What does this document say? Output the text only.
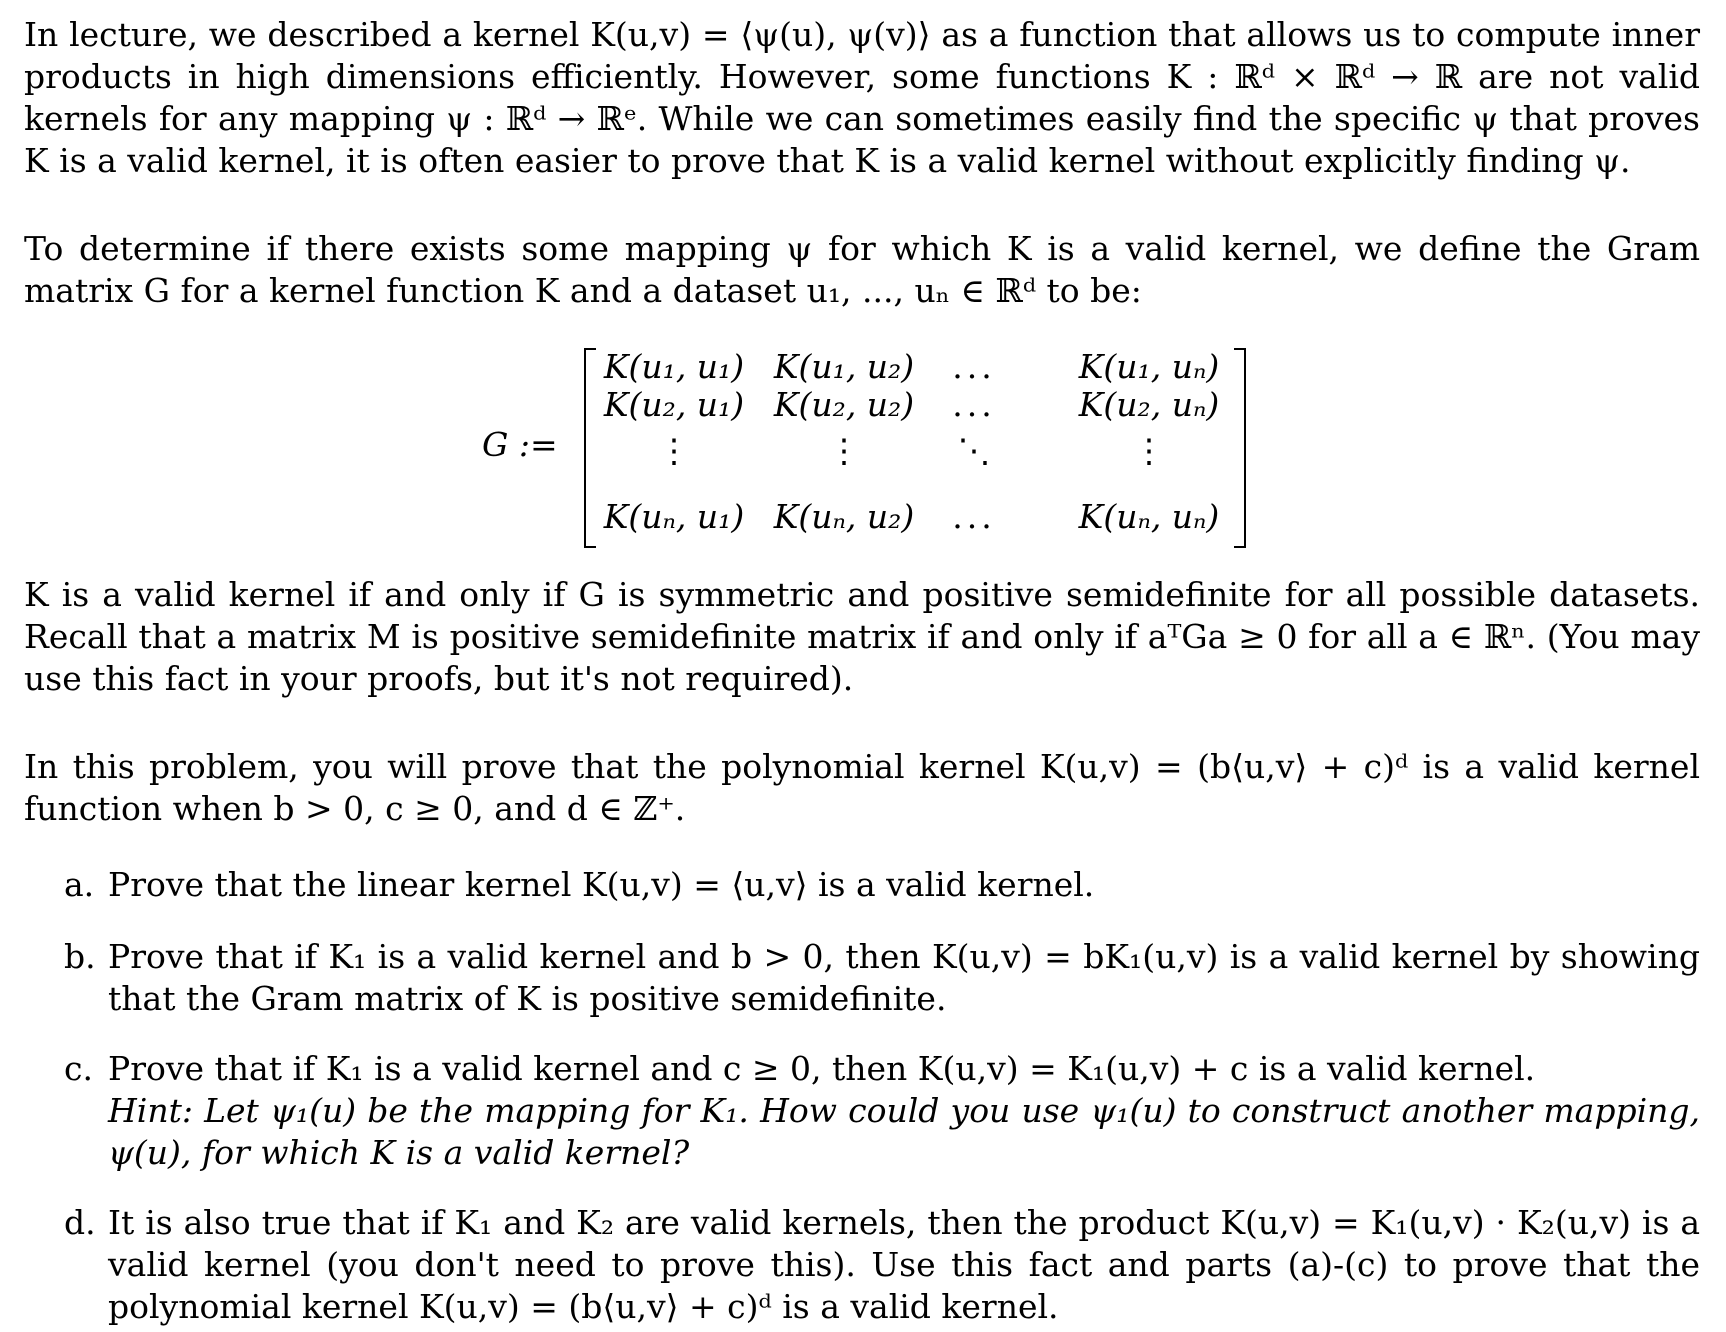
In lecture, we described a kernel K(u,v) = ⟨ψ(u), ψ(v)⟩ as a function that allows us to compute inner products in high dimensions efficiently. However, some functions K : ℝᵈ × ℝᵈ → ℝ are not valid kernels for any mapping ψ : ℝᵈ → ℝᵉ. While we can sometimes easily find the specific ψ that proves K is a valid kernel, it is often easier to prove that K is a valid kernel without explicitly finding ψ.

To determine if there exists some mapping ψ for which K is a valid kernel, we define the Gram matrix G for a kernel function K and a dataset u₁, ..., uₙ ∈ ℝᵈ to be:

G :=
K(u₁, u₁) K(u₁, u₂) ...	K(u₁, uₙ)
K(u₂, u₁) K(u₂, u₂) ...	K(u₂, uₙ)
⋮	⋮	⋱	⋮
K(uₙ, u₁) K(uₙ, u₂) ...	K(uₙ, uₙ)

K is a valid kernel if and only if G is symmetric and positive semidefinite for all possible datasets. Recall that a matrix M is positive semidefinite matrix if and only if aᵀGa ≥ 0 for all a ∈ ℝⁿ. (You may use this fact in your proofs, but it's not required).

In this problem, you will prove that the polynomial kernel K(u,v) = (b⟨u,v⟩ + c)ᵈ is a valid kernel function when b > 0, c ≥ 0, and d ∈ ℤ⁺.

a. Prove that the linear kernel K(u,v) = ⟨u,v⟩ is a valid kernel.
b. Prove that if K₁ is a valid kernel and b > 0, then K(u,v) = bK₁(u,v) is a valid kernel by showing that the Gram matrix of K is positive semidefinite.
c. Prove that if K₁ is a valid kernel and c ≥ 0, then K(u,v) = K₁(u,v) + c is a valid kernel.
Hint: Let ψ₁(u) be the mapping for K₁. How could you use ψ₁(u) to construct another mapping, ψ(u), for which K is a valid kernel?
d. It is also true that if K₁ and K₂ are valid kernels, then the product K(u,v) = K₁(u,v) · K₂(u,v) is a valid kernel (you don't need to prove this). Use this fact and parts (a)-(c) to prove that the polynomial kernel K(u,v) = (b⟨u,v⟩ + c)ᵈ is a valid kernel.
